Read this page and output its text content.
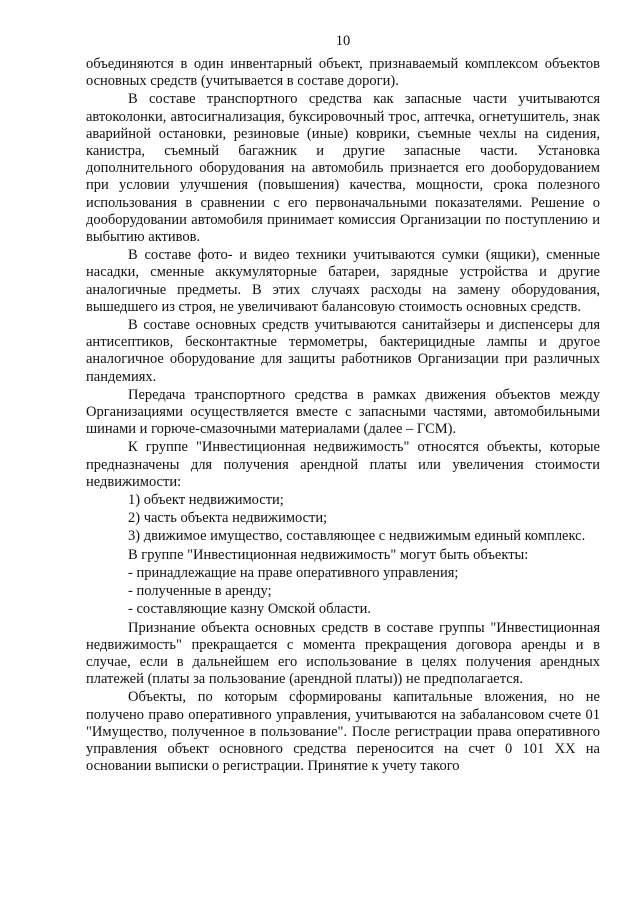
10

объединяются в один инвентарный объект, признаваемый комплексом объектов основных средств (учитывается в составе дороги).

В составе транспортного средства как запасные части учитываются автоколонки, автосигнализация, буксировочный трос, аптечка, огнетушитель, знак аварийной остановки, резиновые (иные) коврики, съемные чехлы на сидения, канистра, съемный багажник и другие запасные части. Установка дополнительного оборудования на автомобиль признается его дооборудованием при условии улучшения (повышения) качества, мощности, срока полезного использования в сравнении с его первоначальными показателями. Решение о дооборудовании автомобиля принимает комиссия Организации по поступлению и выбытию активов.

В составе фото- и видео техники учитываются сумки (ящики), сменные насадки, сменные аккумуляторные батареи, зарядные устройства и другие аналогичные предметы. В этих случаях расходы на замену оборудования, вышедшего из строя, не увеличивают балансовую стоимость основных средств.

В составе основных средств учитываются санитайзеры и диспенсеры для антисептиков, бесконтактные термометры, бактерицидные лампы и другое аналогичное оборудование для защиты работников Организации при различных пандемиях.

Передача транспортного средства в рамках движения объектов между Организациями осуществляется вместе с запасными частями, автомобильными шинами и горюче-смазочными материалами (далее – ГСМ).

К группе "Инвестиционная недвижимость" относятся объекты, которые предназначены для получения арендной платы или увеличения стоимости недвижимости:

1) объект недвижимости;

2) часть объекта недвижимости;

3) движимое имущество, составляющее с недвижимым единый комплекс.

В группе "Инвестиционная недвижимость" могут быть объекты:

- принадлежащие на праве оперативного управления;

- полученные в аренду;

- составляющие казну Омской области.

Признание объекта основных средств в составе группы "Инвестиционная недвижимость" прекращается с момента прекращения договора аренды и в случае, если в дальнейшем его использование в целях получения арендных платежей (платы за пользование (арендной платы)) не предполагается.

Объекты, по которым сформированы капитальные вложения, но не получено право оперативного управления, учитываются на забалансовом счете 01 "Имущество, полученное в пользование". После регистрации права оперативного управления объект основного средства переносится на счет 0 101 XX на основании выписки о регистрации. Принятие к учету такого
